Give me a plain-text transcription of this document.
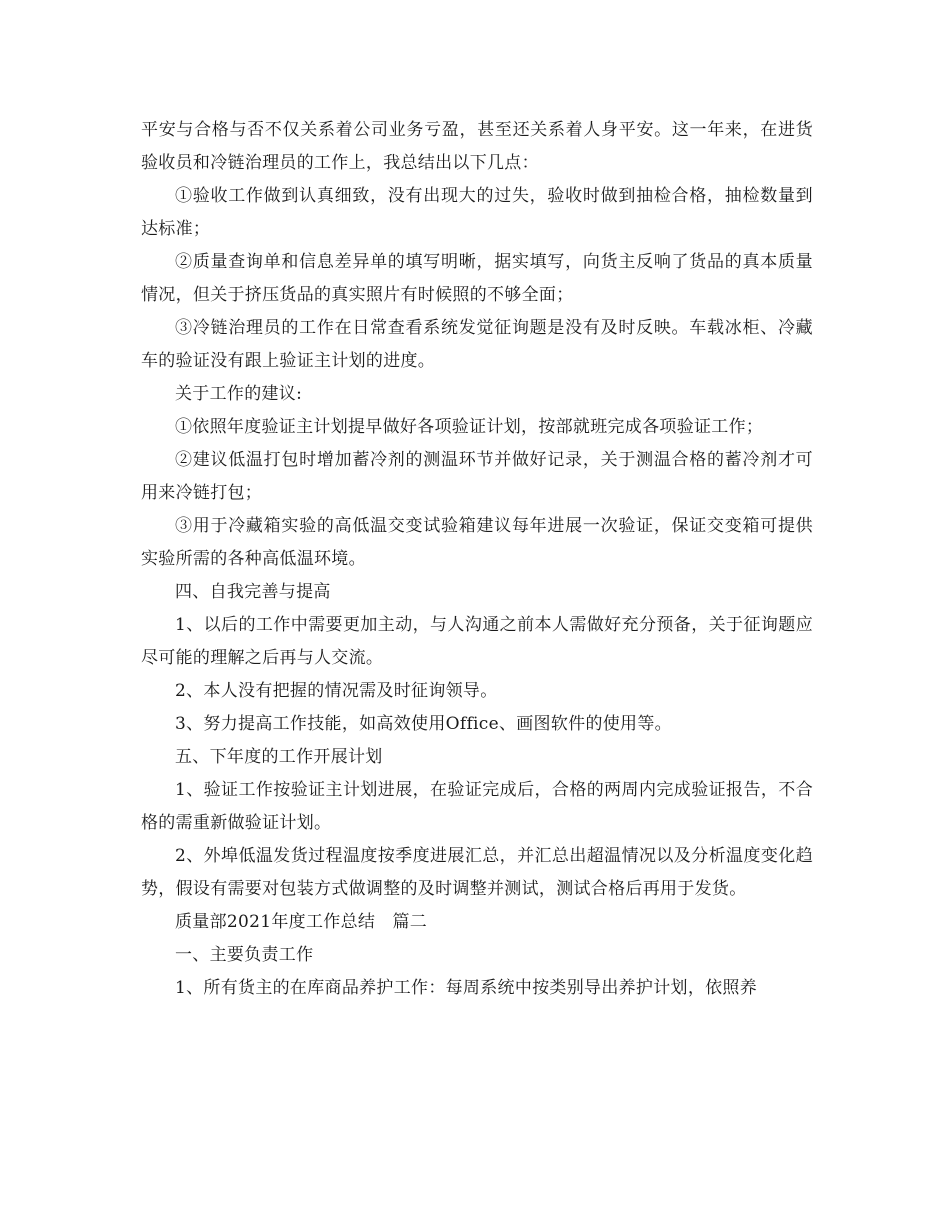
平安与合格与否不仅关系着公司业务亏盈，甚至还关系着人身平安。这一年来，在进货验收员和冷链治理员的工作上，我总结出以下几点：

①验收工作做到认真细致，没有出现大的过失，验收时做到抽检合格，抽检数量到达标准；

②质量查询单和信息差异单的填写明晰，据实填写，向货主反响了货品的真本质量情况，但关于挤压货品的真实照片有时候照的不够全面；

③冷链治理员的工作在日常查看系统发觉征询题是没有及时反映。车载冰柜、冷藏车的验证没有跟上验证主计划的进度。

关于工作的建议:

①依照年度验证主计划提早做好各项验证计划，按部就班完成各项验证工作；

②建议低温打包时增加蓄冷剂的测温环节并做好记录，关于测温合格的蓄冷剂才可用来冷链打包；

③用于冷藏箱实验的高低温交变试验箱建议每年进展一次验证，保证交变箱可提供实验所需的各种高低温环境。

四、自我完善与提高

1、以后的工作中需要更加主动，与人沟通之前本人需做好充分预备，关于征询题应尽可能的理解之后再与人交流。

2、本人没有把握的情况需及时征询领导。

3、努力提高工作技能，如高效使用Office、画图软件的使用等。

五、下年度的工作开展计划

1、验证工作按验证主计划进展，在验证完成后，合格的两周内完成验证报告，不合格的需重新做验证计划。

2、外埠低温发货过程温度按季度进展汇总，并汇总出超温情况以及分析温度变化趋势，假设有需要对包装方式做调整的及时调整并测试，测试合格后再用于发货。

质量部2021年度工作总结　篇二

一、主要负责工作

1、所有货主的在库商品养护工作：每周系统中按类别导出养护计划，依照养
